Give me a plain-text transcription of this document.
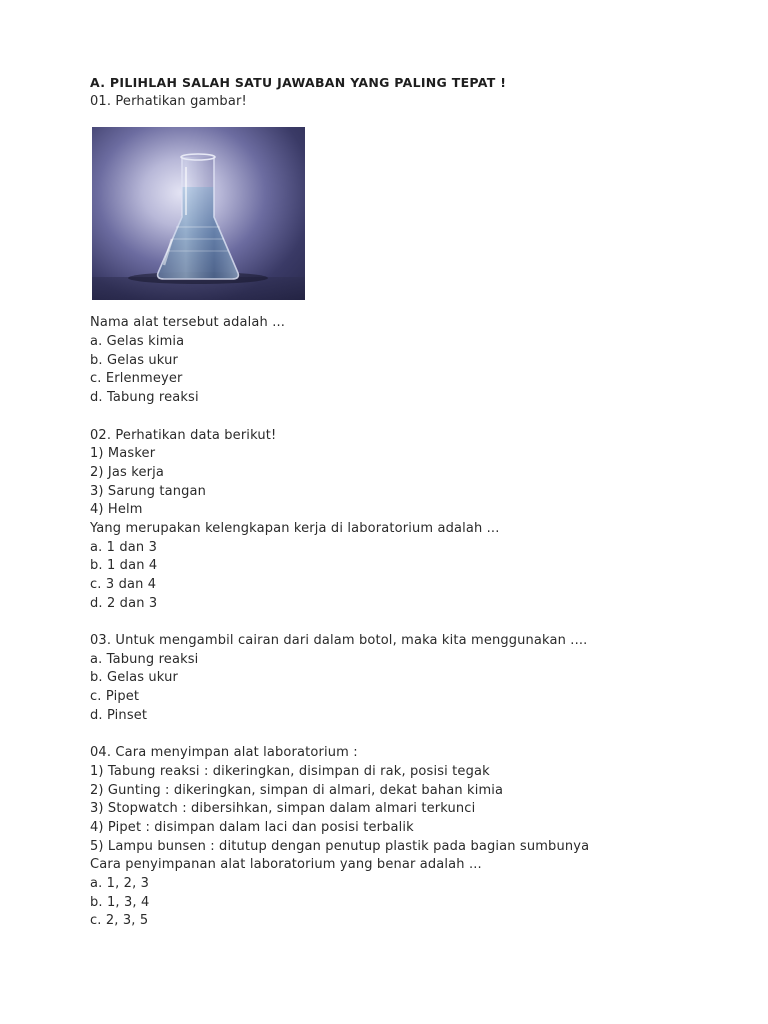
A. PILIHLAH SALAH SATU JAWABAN YANG PALING TEPAT !
01. Perhatikan gambar!
Nama alat tersebut adalah ...
a. Gelas kimia
b. Gelas ukur
c. Erlenmeyer
d. Tabung reaksi
02. Perhatikan data berikut!
1) Masker
2) Jas kerja
3) Sarung tangan
4) Helm
Yang merupakan kelengkapan kerja di laboratorium adalah ...
a. 1 dan 3
b. 1 dan 4
c. 3 dan 4
d. 2 dan 3
03. Untuk mengambil cairan dari dalam botol, maka kita menggunakan ....
a. Tabung reaksi
b. Gelas ukur
c. Pipet
d. Pinset
04. Cara menyimpan alat laboratorium :
1) Tabung reaksi : dikeringkan, disimpan di rak, posisi tegak
2) Gunting : dikeringkan, simpan di almari, dekat bahan kimia
3) Stopwatch : dibersihkan, simpan dalam almari terkunci
4) Pipet : disimpan dalam laci dan posisi terbalik
5) Lampu bunsen : ditutup dengan penutup plastik pada bagian sumbunya
Cara penyimpanan alat laboratorium yang benar adalah ...
a. 1, 2, 3
b. 1, 3, 4
c. 2, 3, 5
